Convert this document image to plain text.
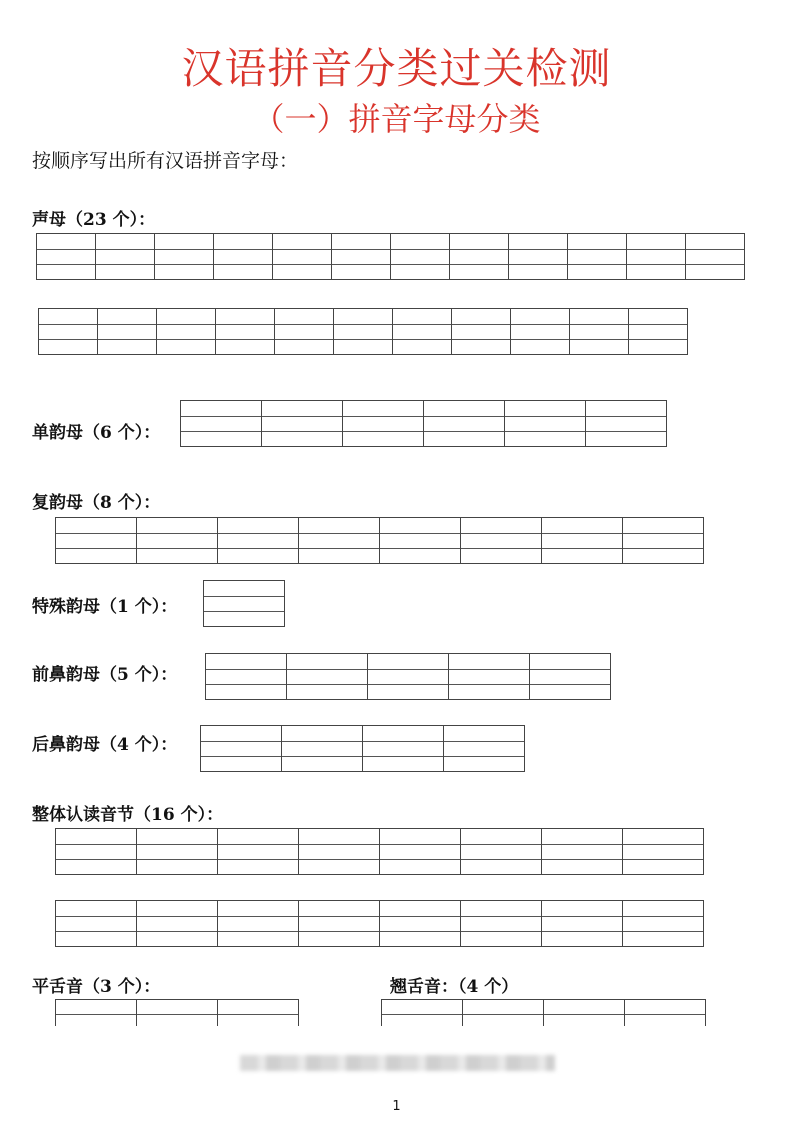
汉语拼音分类过关检测
（一）拼音字母分类
按顺序写出所有汉语拼音字母：
声母（23 个）：
单韵母（6 个）：
复韵母（8 个）：
特殊韵母（1 个）：
前鼻韵母（5 个）：
后鼻韵母（4 个）：
整体认读音节（16 个）：
平舌音（3 个）：	翘舌音：（4 个）
1
